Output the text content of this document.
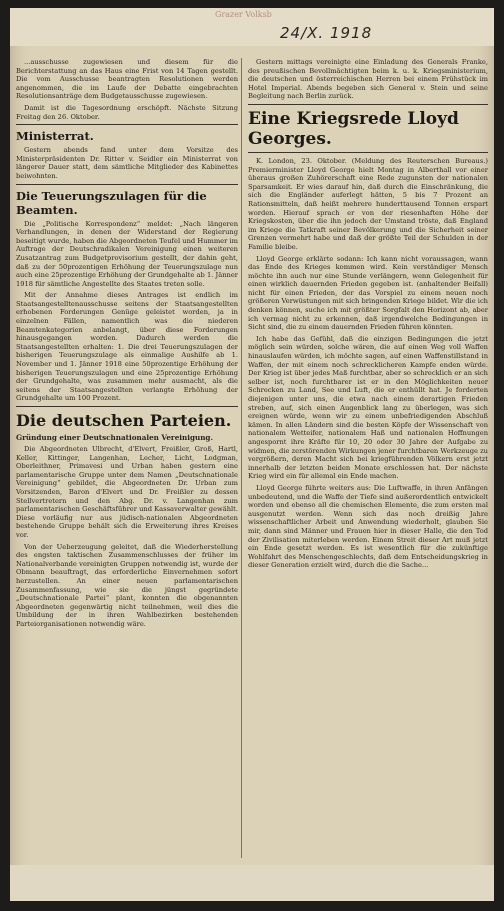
Grazer Volksb
24/X. 1918

...ausschusse zugewiesen und diesem für die Berichterstattung an das Haus eine Frist von 14 Tagen gestellt. Die vom Ausschusse beantragten Resolutionen werden angenommen, die im Laufe der Debatte eingebrachten Resolutionsanträge dem Budgetausschusse zugewiesen.

Damit ist die Tagesordnung erschöpft. Nächste Sitzung Freitag den 26. Oktober.

Ministerrat.

Gestern abends fand unter dem Vorsitze des Ministerpräsidenten Dr. Ritter v. Seidler ein Ministerrat von längerer Dauer statt, dem sämtliche Mitglieder des Kabinettes beiwohnten.

Die Teuerungszulagen für die Beamten.

Die „Politische Korrespondenz“ meldet: „Nach längeren Verhandlungen, in denen der Widerstand der Regierung beseitigt wurde, haben die Abgeordneten Teufel und Hummer im Auftrage der Deutschradikalen Vereinigung einen weiteren Zusatzantrag zum Budgetprovisorium gestellt, der dahin geht, daß zu der 50prozentigen Erhöhung der Teuerungszulage nun auch eine 25prozentige Erhöhung der Grundgehalte ab 1. Jänner 1918 für sämtliche Angestellte des Staates treten solle.

Mit der Annahme dieses Antrages ist endlich im Staatsangestelltenausschusse seitens der Staatsangestellten erhobenen Forderungen Genüge geleistet worden, ja in einzelnen Fällen, namentlich was die niederen Beamtenkategorien anbelangt, über diese Forderungen hinausgegangen worden. Dadurch werden die Staatsangestellten erhalten: 1. Die drei Teuerungszulagen der bisherigen Teuerungszulage als einmalige Aushilfe ab 1. November und 1. Jänner 1918 eine 50prozentige Erhöhung der bisherigen Teuerungszulagen und eine 25prozentige Erhöhung der Grundgehalte, was zusammen mehr ausmacht, als die seitens der Staatsangestellten verlangte Erhöhung der Grundgehalte um 100 Prozent.

Die deutschen Parteien.
Gründung einer Deutschnationalen Vereinigung.

Die Abgeordneten Ulbrecht, d'Elvert, Freißler, Groß, Hartl, Keller, Kittinger, Langenhan, Lecher, Licht, Lodgman, Oberleithner, Primavesi und Urban haben gestern eine parlamentarische Gruppe unter dem Namen „Deutschnationale Vereinigung“ gebildet, die Abgeordneten Dr. Urban zum Vorsitzenden, Baron d'Elvert und Dr. Freißler zu dessen Stellvertretern und den Abg. Dr. v. Langenhan zum parlamentarischen Geschäftsführer und Kassaverwalter gewählt. Diese vorläufig nur aus jüdisch-nationalen Abgeordneten bestehende Gruppe behält sich die Erweiterung ihres Kreises vor.

Von der Ueberzeugung geleitet, daß die Wiederherstellung des engsten taktischen Zusammenschlusses der früher im Nationalverbande vereinigten Gruppen notwendig ist, wurde der Obmann beauftragt, das erforderliche Einvernehmen sofort herzustellen. An einer neuen parlamentarischen Zusammenfassung, wie sie die jüngst gegründete „Deutschnationale Partei“ plant, konnten die obgenannten Abgeordneten gegenwärtig nicht teilnehmen, weil dies die Umbildung der in ihren Wahlbezirken bestehenden Parteiorganisationen notwendig wäre.

Gestern mittags vereinigte eine Einladung des Generals Franke, des preußischen Bevollmächtigten beim k. u. k. Kriegsministerium, die deutschen und österreichischen Herren bei einem Frühstück im Hotel Imperial. Abends begeben sich General v. Stein und seine Begleitung nach Berlin zurück.

Eine Kriegsrede Lloyd Georges.

K. London, 23. Oktober. (Meldung des Reuterschen Bureaus.) Premierminister Lloyd George hielt Montag in Alberthall vor einer überaus großen Zuhörerschaft eine Rede zugunsten der nationalen Sparsamkeit. Er wies darauf hin, daß durch die Einschränkung, die sich die Engländer auferlegt hätten, 5 bis 7 Prozent an Rationsmitteln, daß heißt mehrere hunderttausend Tonnen erspart worden. Hierauf sprach er von der riesenhaften Höhe der Kriegskosten, über die ihn jedoch der Umstand tröste, daß England im Kriege die Tatkraft seiner Bevölkerung und die Sicherheit seiner Grenzen vermehrt habe und daß der größte Teil der Schulden in der Familie bleibe.

Lloyd George erklärte sodann: Ich kann nicht voraussagen, wann das Ende des Krieges kommen wird. Kein verständiger Mensch möchte ihn auch nur eine Stunde verlängern, wenn Gelegenheit für einen wirklich dauernden Frieden gegeben ist. (anhaltender Beifall) nicht für einen Frieden, der das Vorspiel zu einem neuen noch größeren Verwüstungen mit sich bringenden Kriege bildet. Wir die ich denken können, suche ich mit größter Sorgfalt den Horizont ab, aber ich vermag nicht zu erkennen, daß irgendwelche Bedingungen in Sicht sind, die zu einem dauernden Frieden führen könnten.

Ich habe das Gefühl, daß die einzigen Bedingungen die jetzt möglich sein würden, solche wären, die auf einen Weg voll Waffen hinauslaufen würden, ich möchte sagen, auf einen Waffenstillstand in Waffen, der mit einem noch schrecklicheren Kampfe enden würde. Der Krieg ist über jedes Maß furchtbar, aber so schrecklich er an sich selber ist, noch furchtbarer ist er in den Möglichkeiten neuer Schrecken zu Land, See und Luft, die er enthüllt hat. Je forderten diejenigen unter uns, die etwa nach einem derartigen Frieden streben, auf, sich einen Augenblick lang zu überlegen, was sich ereignen würde, wenn wir zu einem unbefriedigenden Abschluß kämen. In allen Ländern sind die besten Köpfe der Wissenschaft von nationalem Wetteifer, nationalem Haß und nationalen Hoffnungen angespornt ihre Kräfte für 10, 20 oder 30 Jahre der Aufgabe zu widmen, die zerstörenden Wirkungen jener furchtbaren Werkzeuge zu vergrößern, deren Macht sich bei kriegführenden Völkern erst jetzt innerhalb der letzten beiden Monate erschlossen hat. Der nächste Krieg wird ein für allemal ein Ende machen.

Lloyd George führte weiters aus: Die Luftwaffe, in ihren Anfängen unbedeutend, und die Waffe der Tiefe sind außerordentlich entwickelt worden und ebenso all die chemischen Elemente, die zum ersten mal ausgenutzt werden. Wenn sich das noch dreißig Jahre wissenschaftlicher Arbeit und Anwendung wiederholt, glauben Sie mir, dann sind Männer und Frauen hier in dieser Halle, die den Tod der Zivilisation miterleben werden. Einem Streit dieser Art muß jetzt ein Ende gesetzt werden. Es ist wesentlich für die zukünftige Wohlfahrt des Menschengeschlechts, daß dem Entscheidungskrieg in dieser Generation erzielt wird, durch die die Sache...
